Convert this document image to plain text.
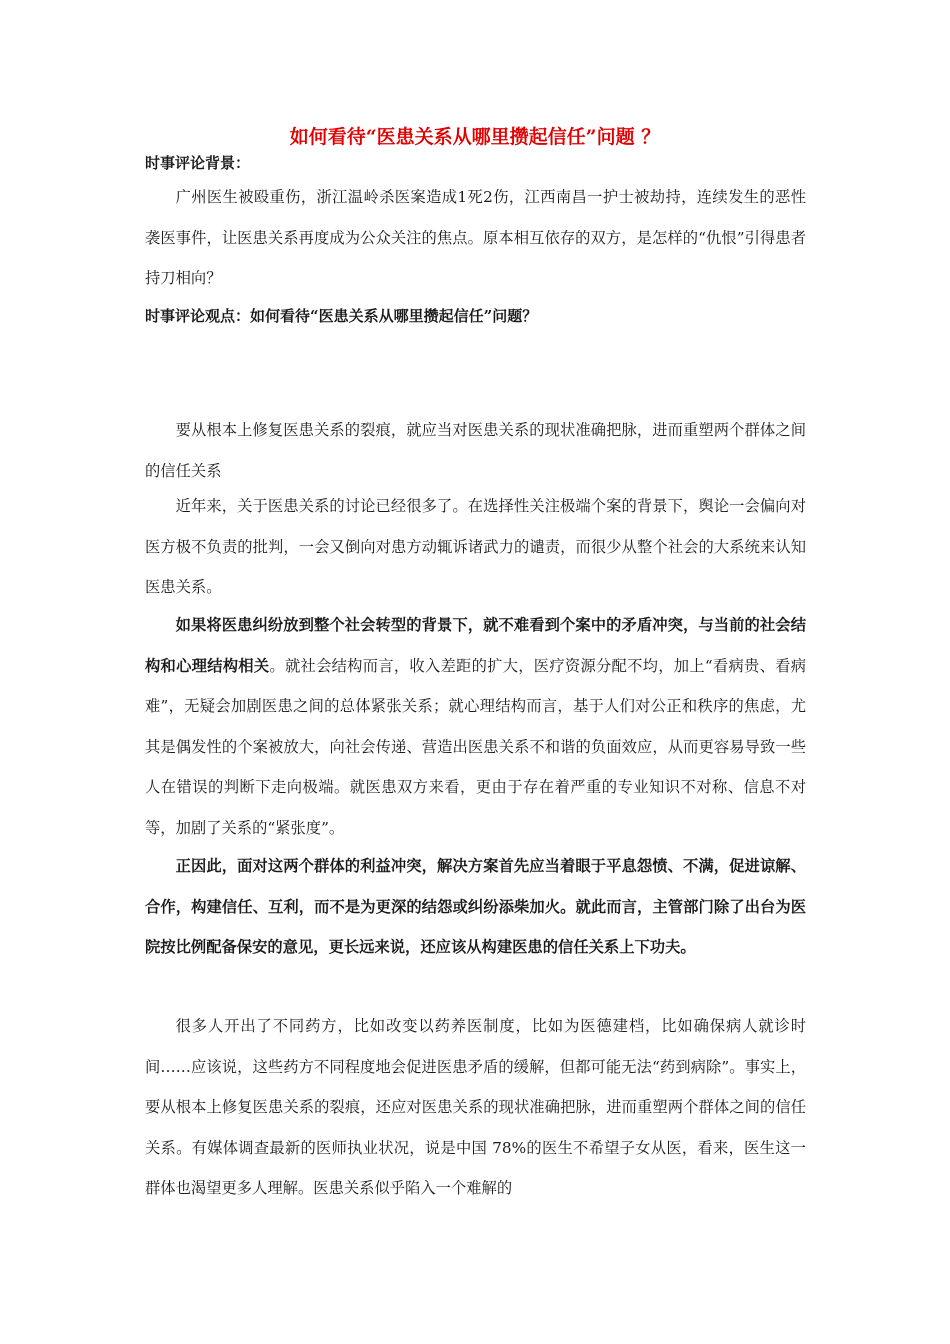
如何看待“医患关系从哪里攒起信任”问题 ？
时事评论背景：

广州医生被殴重伤，浙江温岭杀医案造成1死2伤，江西南昌一护士被劫持，连续发生的恶性袭医事件，让医患关系再度成为公众关注的焦点。原本相互依存的双方，是怎样的“仇恨”引得患者持刀相向？

时事评论观点：如何看待“医患关系从哪里攒起信任”问题？

要从根本上修复医患关系的裂痕，就应当对医患关系的现状准确把脉，进而重塑两个群体之间的信任关系

近年来，关于医患关系的讨论已经很多了。在选择性关注极端个案的背景下，舆论一会偏向对医方极不负责的批判，一会又倒向对患方动辄诉诸武力的谴责，而很少从整个社会的大系统来认知医患关系。

如果将医患纠纷放到整个社会转型的背景下，就不难看到个案中的矛盾冲突，与当前的社会结构和心理结构相关。就社会结构而言，收入差距的扩大，医疗资源分配不均，加上“看病贵、看病难”，无疑会加剧医患之间的总体紧张关系；就心理结构而言，基于人们对公正和秩序的焦虑，尤其是偶发性的个案被放大，向社会传递、营造出医患关系不和谐的负面效应，从而更容易导致一些人在错误的判断下走向极端。就医患双方来看，更由于存在着严重的专业知识不对称、信息不对等，加剧了关系的“紧张度”。

正因此，面对这两个群体的利益冲突，解决方案首先应当着眼于平息怨愤、不满，促进谅解、合作，构建信任、互利，而不是为更深的结怨或纠纷添柴加火。就此而言，主管部门除了出台为医院按比例配备保安的意见，更长远来说，还应该从构建医患的信任关系上下功夫。

很多人开出了不同药方，比如改变以药养医制度，比如为医德建档，比如确保病人就诊时间……应该说，这些药方不同程度地会促进医患矛盾的缓解，但都可能无法“药到病除”。事实上，要从根本上修复医患关系的裂痕，还应对医患关系的现状准确把脉，进而重塑两个群体之间的信任关系。有媒体调查最新的医师执业状况，说是中国 78%的医生不希望子女从医，看来，医生这一群体也渴望更多人理解。医患关系似乎陷入一个难解的
